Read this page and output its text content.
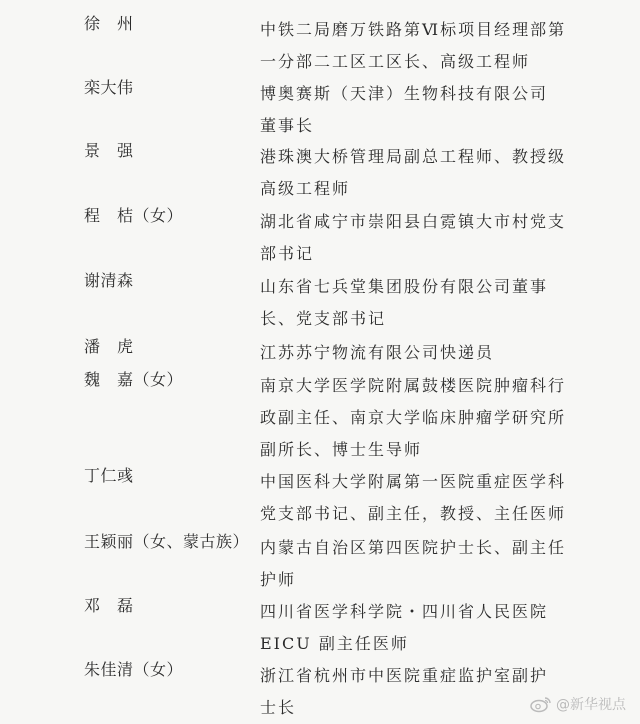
徐　州	中铁二局磨万铁路第Ⅵ标项目经理部第
一分部二工区工区长、高级工程师
栾大伟	博奥赛斯（天津）生物科技有限公司
董事长
景　强	港珠澳大桥管理局副总工程师、教授级
高级工程师
程　桔（女）	湖北省咸宁市崇阳县白霓镇大市村党支
部书记
谢清森	山东省七兵堂集团股份有限公司董事
长、党支部书记
潘　虎	江苏苏宁物流有限公司快递员
魏　嘉（女）	南京大学医学院附属鼓楼医院肿瘤科行
政副主任、南京大学临床肿瘤学研究所
副所长、博士生导师
丁仁彧	中国医科大学附属第一医院重症医学科
党支部书记、副主任，教授、主任医师
王颖丽（女、蒙古族） 内蒙古自治区第四医院护士长、副主任
护师
邓　磊	四川省医学科学院・四川省人民医院
EICU 副主任医师
朱佳清（女）	浙江省杭州市中医院重症监护室副护
士长	@新华视点
